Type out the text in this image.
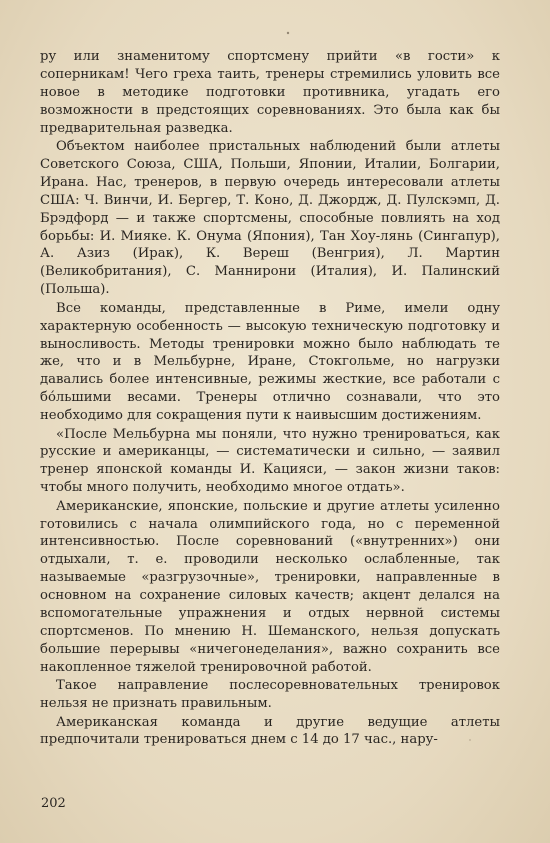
ру или знаменитому спортсмену прийти «в гости» к соперникам! Чего греха таить, тренеры стремились уловить все новое в методике подготовки противника, угадать его возможности в предстоящих соревнованиях. Это была как бы предварительная разведка.

Объектом наиболее пристальных наблюдений были атлеты Советского Союза, США, Польши, Японии, Италии, Болгарии, Ирана. Нас, тренеров, в первую очередь интересовали атлеты США: Ч. Винчи, И. Бергер, Т. Коно, Д. Джордж, Д. Пулскэмп, Д. Брэдфорд — и также спортсмены, способные повлиять на ход борьбы: И. Мияке. К. Онума (Япония), Тан Хоу-лянь (Сингапур), А. Азиз (Ирак), К. Вереш (Венгрия), Л. Мартин (Великобритания), С. Маннирони (Италия), И. Палинский (Польша).

Все команды, представленные в Риме, имели одну характерную особенность — высокую техническую подготовку и выносливость. Методы тренировки можно было наблюдать те же, что и в Мельбурне, Иране, Стокгольме, но нагрузки давались более интенсивные, режимы жесткие, все работали с бо́льшими весами. Тренеры отлично сознавали, что это необходимо для сокращения пути к наивысшим достижениям.

«После Мельбурна мы поняли, что нужно тренироваться, как русские и американцы, — систематически и сильно, — заявил тренер японской команды И. Кацияси, — закон жизни таков: чтобы много получить, необходимо многое отдать».

Американские, японские, польские и другие атлеты усиленно готовились с начала олимпийского года, но с переменной интенсивностью. После соревнований («внутренних») они отдыхали, т. е. проводили несколько ослабленные, так называемые «разгрузочные», тренировки, направленные в основном на сохранение силовых качеств; акцент делался на вспомогательные упражнения и отдых нервной системы спортсменов. По мнению Н. Шеманского, нельзя допускать большие перерывы «ничегонеделания», важно сохранить все накопленное тяжелой тренировочной работой.

Такое направление послесоревновательных тренировок нельзя не признать правильным.

Американская команда и другие ведущие атлеты предпочитали тренироваться днем с 14 до 17 час., нару-

202
